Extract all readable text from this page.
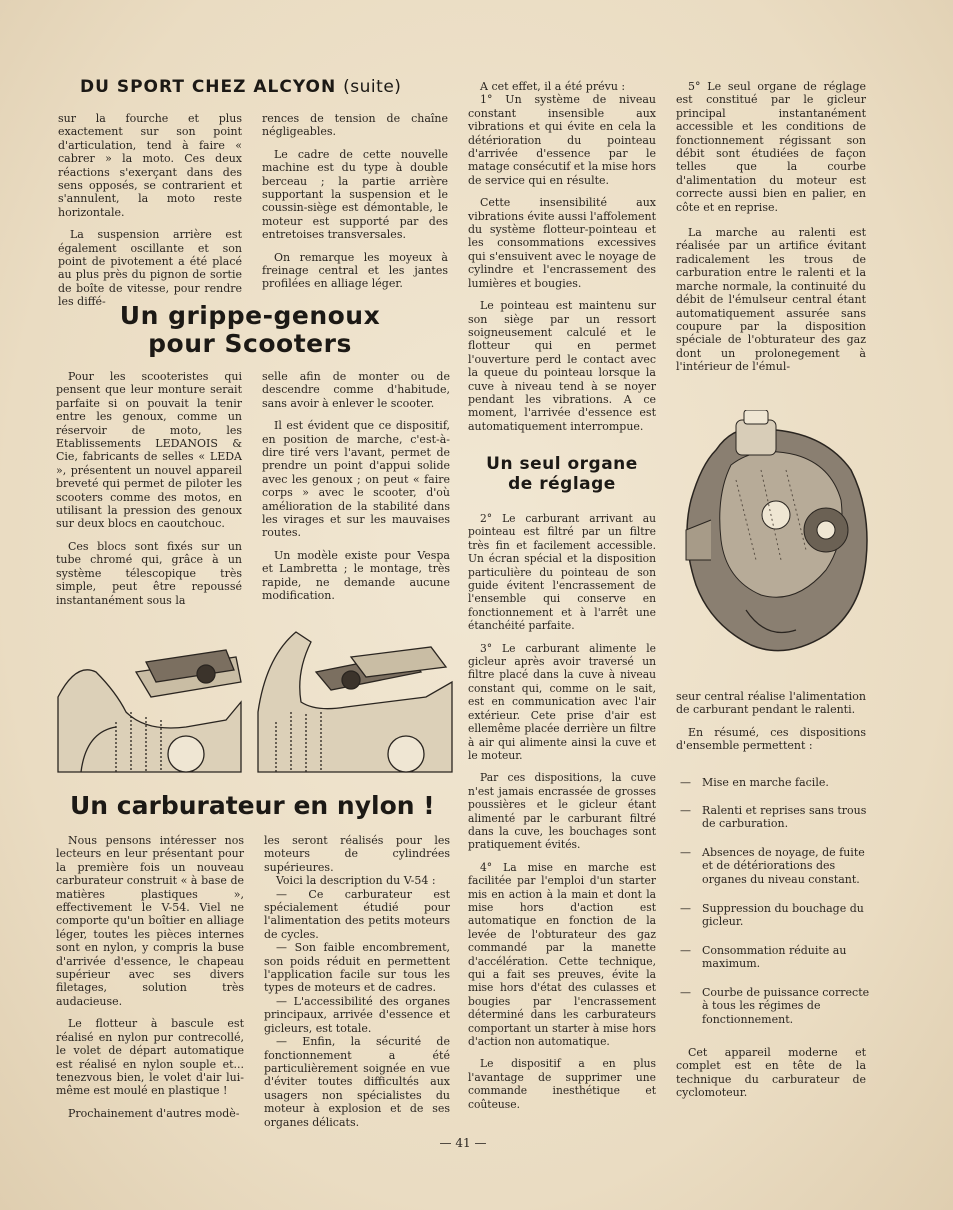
DU SPORT CHEZ ALCYON (suite)

sur la fourche et plus exactement sur son point d'articulation, tend à faire « cabrer » la moto. Ces deux réactions s'exerçant dans des sens opposés, se contrarient et s'annulent, la moto reste horizontale.

La suspension arrière est également oscillante et son point de pivotement a été placé au plus près du pignon de sortie de boîte de vitesse, pour rendre les diffé-

rences de tension de chaîne négligeables.

Le cadre de cette nouvelle machine est du type à double berceau ; la partie arrière supportant la suspension et le coussin-siège est démontable, le moteur est supporté par des entretoises transversales.

On remarque les moyeux à freinage central et les jantes profilées en alliage léger.

Un grippe-genoux
pour Scooters

Pour les scooteristes qui pensent que leur monture serait parfaite si on pouvait la tenir entre les genoux, comme un réservoir de moto, les Etablissements LEDANOIS & Cie, fabricants de selles « LEDA », présentent un nouvel appareil breveté qui permet de piloter les scooters comme des motos, en utilisant la pression des genoux sur deux blocs en caoutchouc.

Ces blocs sont fixés sur un tube chromé qui, grâce à un système télescopique très simple, peut être repoussé instantanément sous la

selle afin de monter ou de descendre comme d'habitude, sans avoir à enlever le scooter.

Il est évident que ce dispositif, en position de marche, c'est-à-dire tiré vers l'avant, permet de prendre un point d'appui solide avec les genoux ; on peut « faire corps » avec le scooter, d'où amélioration de la stabilité dans les virages et sur les mauvaises routes.

Un modèle existe pour Vespa et Lambretta ; le montage, très rapide, ne demande aucune modification.

Un carburateur en nylon !

Nous pensons intéresser nos lecteurs en leur présentant pour la première fois un nouveau carburateur construit « à base de matières plastiques », effectivement le V-54. Viel ne comporte qu'un boîtier en alliage léger, toutes les pièces internes sont en nylon, y compris la buse d'arrivée d'essence, le chapeau supérieur avec ses divers filetages, solution très audacieuse.

Le flotteur à bascule est réalisé en nylon pur contrecollé, le volet de départ automatique est réalisé en nylon souple et... tenezvous bien, le volet d'air lui-même est moulé en plastique !

Prochainement d'autres modè-

les seront réalisés pour les moteurs de cylindrées supérieures.

Voici la description du V-54 :

— Ce carburateur est spécialement étudié pour l'alimentation des petits moteurs de cycles.

— Son faible encombrement, son poids réduit en permettent l'application facile sur tous les types de moteurs et de cadres.

— L'accessibilité des organes principaux, arrivée d'essence et gicleurs, est totale.

— Enfin, la sécurité de fonctionnement a été particulièrement soignée en vue d'éviter toutes difficultés aux usagers non spécialistes du moteur à explosion et de ses organes délicats.

A cet effet, il a été prévu :

1° Un système de niveau constant insensible aux vibrations et qui évite en cela la détérioration du pointeau d'arrivée d'essence par le matage consécutif et la mise hors de service qui en résulte.

Cette insensibilité aux vibrations évite aussi l'affolement du système flotteur-pointeau et les consommations excessives qui s'ensuivent avec le noyage de cylindre et l'encrassement des lumières et bougies.

Le pointeau est maintenu sur son siège par un ressort soigneusement calculé et le flotteur qui en permet l'ouverture perd le contact avec la queue du pointeau lorsque la cuve à niveau tend à se noyer pendant les vibrations. A ce moment, l'arrivée d'essence est automatiquement interrompue.

Un seul organe
de réglage

2° Le carburant arrivant au pointeau est filtré par un filtre très fin et facilement accessible. Un écran spécial et la disposition particulière du pointeau de son guide évitent l'encrassement de l'ensemble qui conserve en fonctionnement et à l'arrêt une étanchéité parfaite.

3° Le carburant alimente le gicleur après avoir traversé un filtre placé dans la cuve à niveau constant qui, comme on le sait, est en communication avec l'air extérieur. Cete prise d'air est ellemême placée derrière un filtre à air qui alimente ainsi la cuve et le moteur.

Par ces dispositions, la cuve n'est jamais encrassée de grosses poussières et le gicleur étant alimenté par le carburant filtré dans la cuve, les bouchages sont pratiquement évités.

4° La mise en marche est facilitée par l'emploi d'un starter mis en action à la main et dont la mise hors d'action est automatique en fonction de la levée de l'obturateur des gaz commandé par la manette d'accélération. Cette technique, qui a fait ses preuves, évite la mise hors d'état des culasses et bougies par l'encrassement déterminé dans les carburateurs comportant un starter à mise hors d'action non automatique.

Le dispositif a en plus l'avantage de supprimer une commande inesthétique et coûteuse.

5° Le seul organe de réglage est constitué par le gicleur principal instantanément accessible et les conditions de fonctionnement régissant son débit sont étudiées de façon telles que la courbe d'alimentation du moteur est correcte aussi bien en palier, en côte et en reprise.

La marche au ralenti est réalisée par un artifice évitant radicalement les trous de carburation entre le ralenti et la marche normale, la continuité du débit de l'émulseur central étant automatiquement assurée sans coupure par la disposition spéciale de l'obturateur des gaz dont un prolonegement à l'intérieur de l'émul-

seur central réalise l'alimentation de carburant pendant le ralenti.

En résumé, ces dispositions d'ensemble permettent :

— Mise en marche facile.
— Ralenti et reprises sans trous de carburation.
— Absences de noyage, de fuite et de détériorations des organes du niveau constant.
— Suppression du bouchage du gicleur.
— Consommation réduite au maximum.
— Courbe de puissance correcte à tous les régimes de fonctionnement.

Cet appareil moderne et complet est en tête de la technique du carburateur de cyclomoteur.

— 41 —
